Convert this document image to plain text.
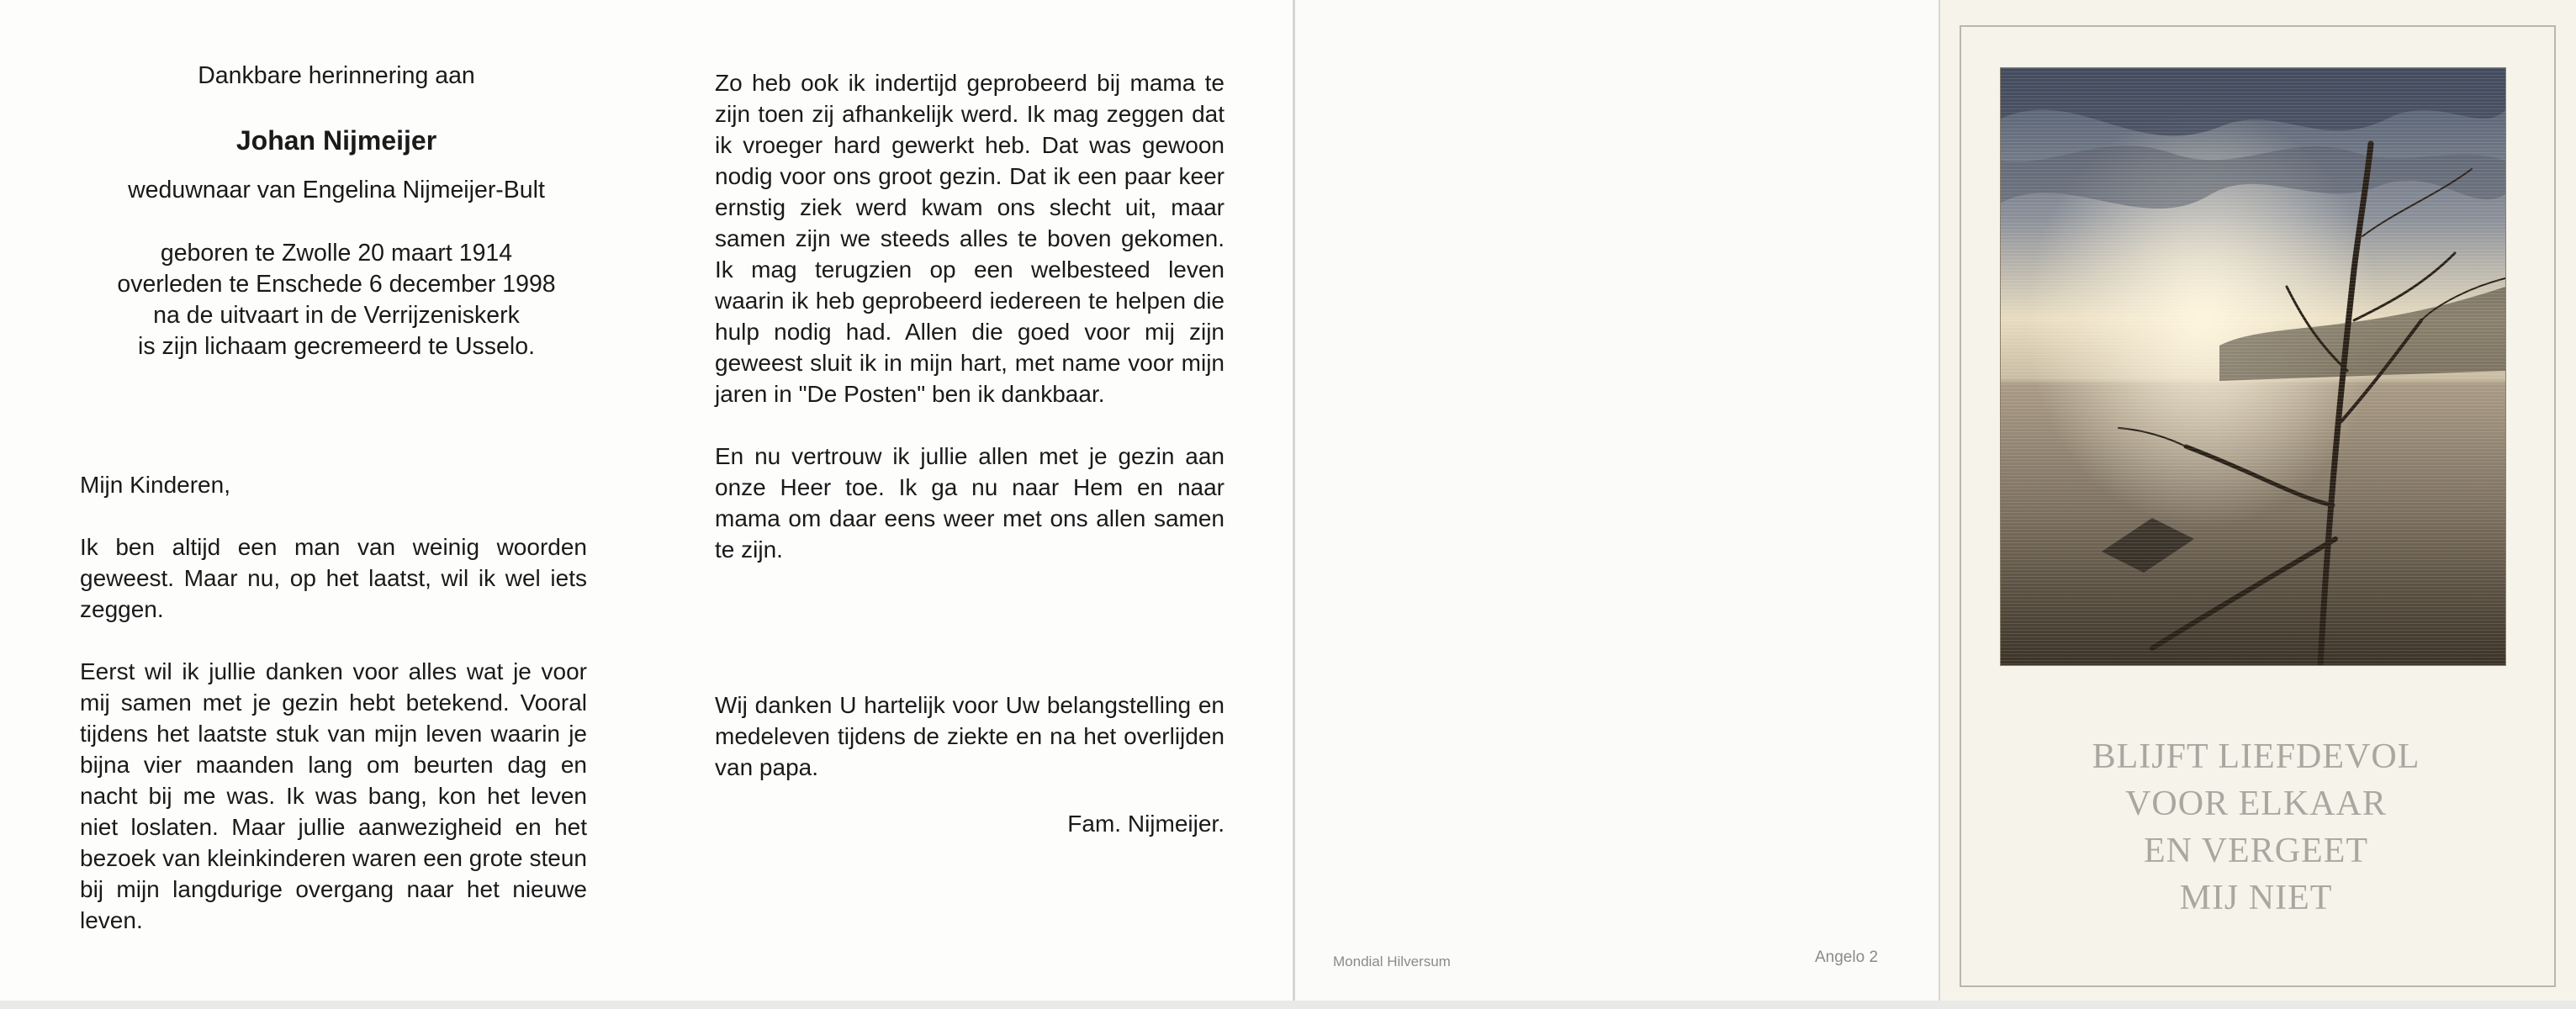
Dankbare herinnering aan

Johan Nijmeijer

weduwnaar van Engelina Nijmeijer-Bult

geboren te Zwolle 20 maart 1914

overleden te Enschede 6 december 1998

na de uitvaart in de Verrijzeniskerk

is zijn lichaam gecremeerd te Usselo.

Mijn Kinderen,

Ik ben altijd een man van weinig woorden geweest. Maar nu, op het laatst, wil ik wel iets zeggen.

Eerst wil ik jullie danken voor alles wat je voor mij samen met je gezin hebt betekend. Vooral tijdens het laatste stuk van mijn leven waarin je bijna vier maanden lang om beurten dag en nacht bij me was. Ik was bang, kon het leven niet loslaten. Maar jullie aanwezigheid en het bezoek van kleinkinderen waren een grote steun bij mijn langdurige overgang naar het nieuwe leven.

Zo heb ook ik indertijd geprobeerd bij mama te zijn toen zij afhankelijk werd. Ik mag zeggen dat ik vroeger hard gewerkt heb. Dat was gewoon nodig voor ons groot gezin. Dat ik een paar keer ernstig ziek werd kwam ons slecht uit, maar samen zijn we steeds alles te boven gekomen. Ik mag terugzien op een welbesteed leven waarin ik heb geprobeerd iedereen te helpen die hulp nodig had. Allen die goed voor mij zijn geweest sluit ik in mijn hart, met name voor mijn jaren in "De Posten" ben ik dankbaar.

En nu vertrouw ik jullie allen met je gezin aan onze Heer toe. Ik ga nu naar Hem en naar mama om daar eens weer met ons allen samen te zijn.

Wij danken U hartelijk voor Uw belangstelling en medeleven tijdens de ziekte en na het overlijden van papa.

Fam. Nijmeijer.

Mondial Hilversum	Angelo 2
BLIJFT LIEFDEVOL
VOOR ELKAAR
EN VERGEET
MIJ NIET
